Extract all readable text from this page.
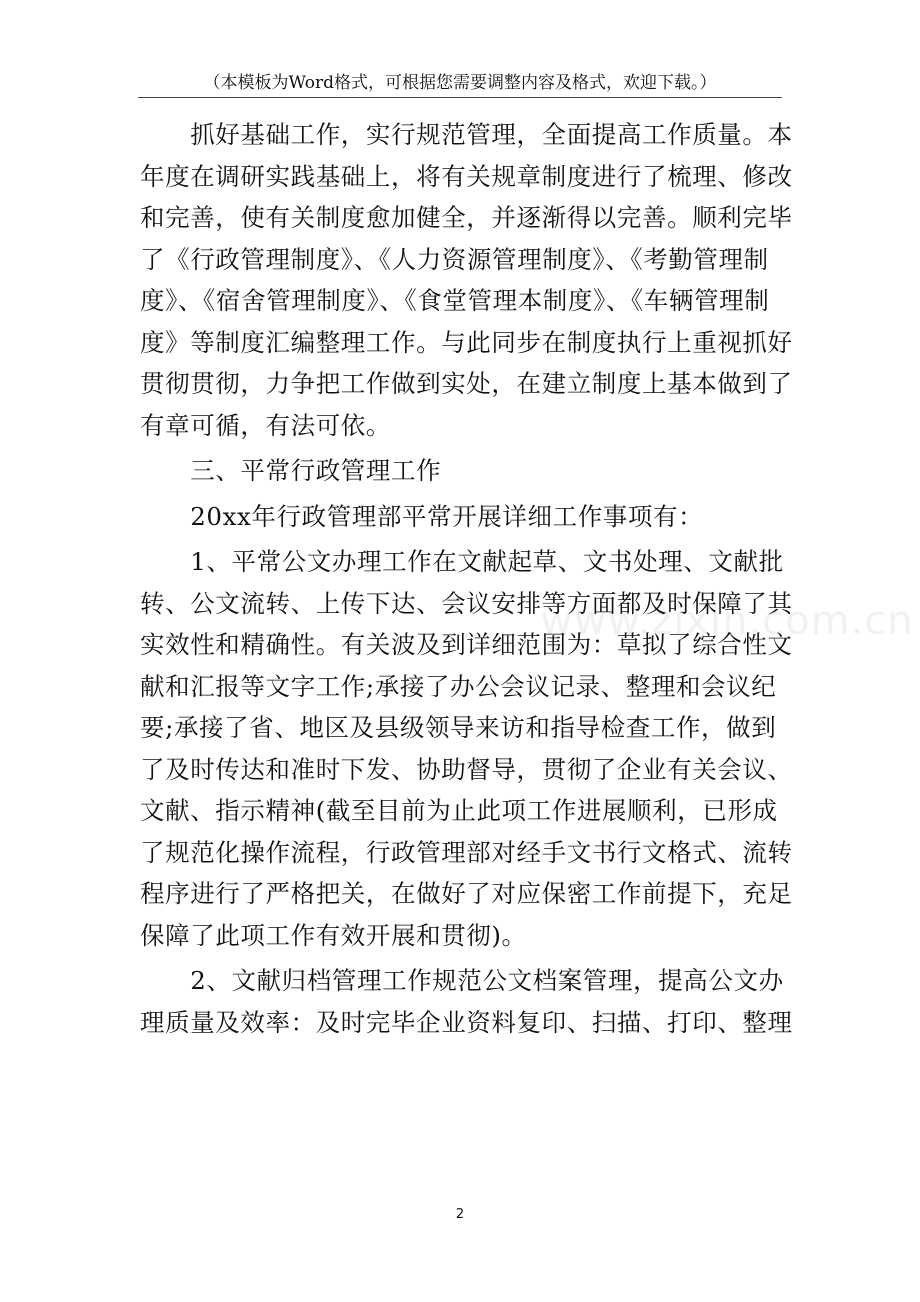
（本模板为Word格式，可根据您需要调整内容及格式，欢迎下载。）
www.zixin.com.cn
　　抓好基础工作，实行规范管理，全面提高工作质量。本
年度在调研实践基础上，将有关规章制度进行了梳理、修改
和完善，使有关制度愈加健全，并逐渐得以完善。顺利完毕
了《行政管理制度》、《人力资源管理制度》、《考勤管理制
度》、《宿舍管理制度》、《食堂管理本制度》、《车辆管理制
度》等制度汇编整理工作。与此同步在制度执行上重视抓好
贯彻贯彻，力争把工作做到实处，在建立制度上基本做到了
有章可循，有法可依。
　　三、平常行政管理工作
　　20xx年行政管理部平常开展详细工作事项有：
　　1、平常公文办理工作在文献起草、文书处理、文献批
转、公文流转、上传下达、会议安排等方面都及时保障了其
实效性和精确性。有关波及到详细范围为：草拟了综合性文
献和汇报等文字工作;承接了办公会议记录、整理和会议纪
要;承接了省、地区及县级领导来访和指导检查工作，做到
了及时传达和准时下发、协助督导，贯彻了企业有关会议、
文献、指示精神(截至目前为止此项工作进展顺利，已形成
了规范化操作流程，行政管理部对经手文书行文格式、流转
程序进行了严格把关，在做好了对应保密工作前提下，充足
保障了此项工作有效开展和贯彻)。
　　2、文献归档管理工作规范公文档案管理，提高公文办
理质量及效率：及时完毕企业资料复印、扫描、打印、整理
2
